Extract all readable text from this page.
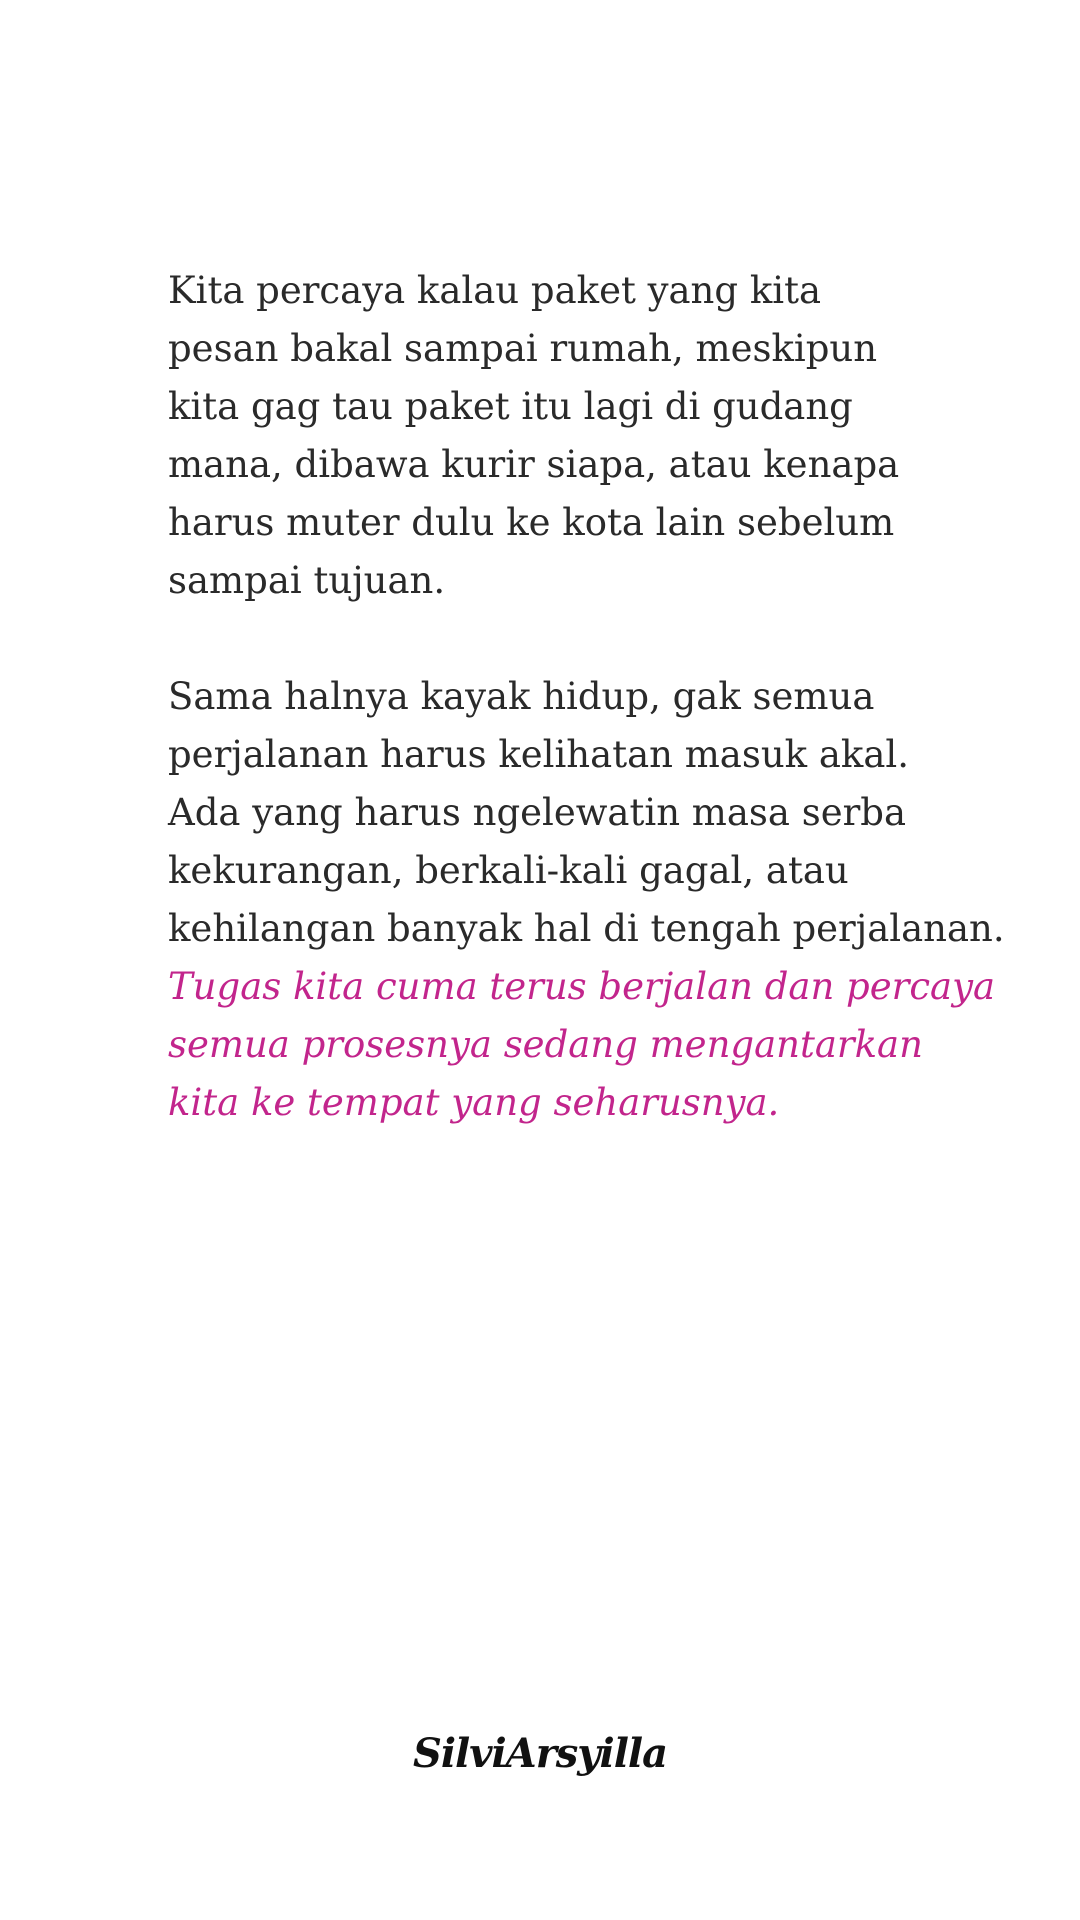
Kita percaya kalau paket yang kita
pesan bakal sampai rumah, meskipun
kita gag tau paket itu lagi di gudang
mana, dibawa kurir siapa, atau kenapa
harus muter dulu ke kota lain sebelum
sampai tujuan.
Sama halnya kayak hidup, gak semua
perjalanan harus kelihatan masuk akal.
Ada yang harus ngelewatin masa serba
kekurangan, berkali-kali gagal, atau
kehilangan banyak hal di tengah perjalanan.
Tugas kita cuma terus berjalan dan percaya
semua prosesnya sedang mengantarkan
kita ke tempat yang seharusnya.
SilviArsyilla
